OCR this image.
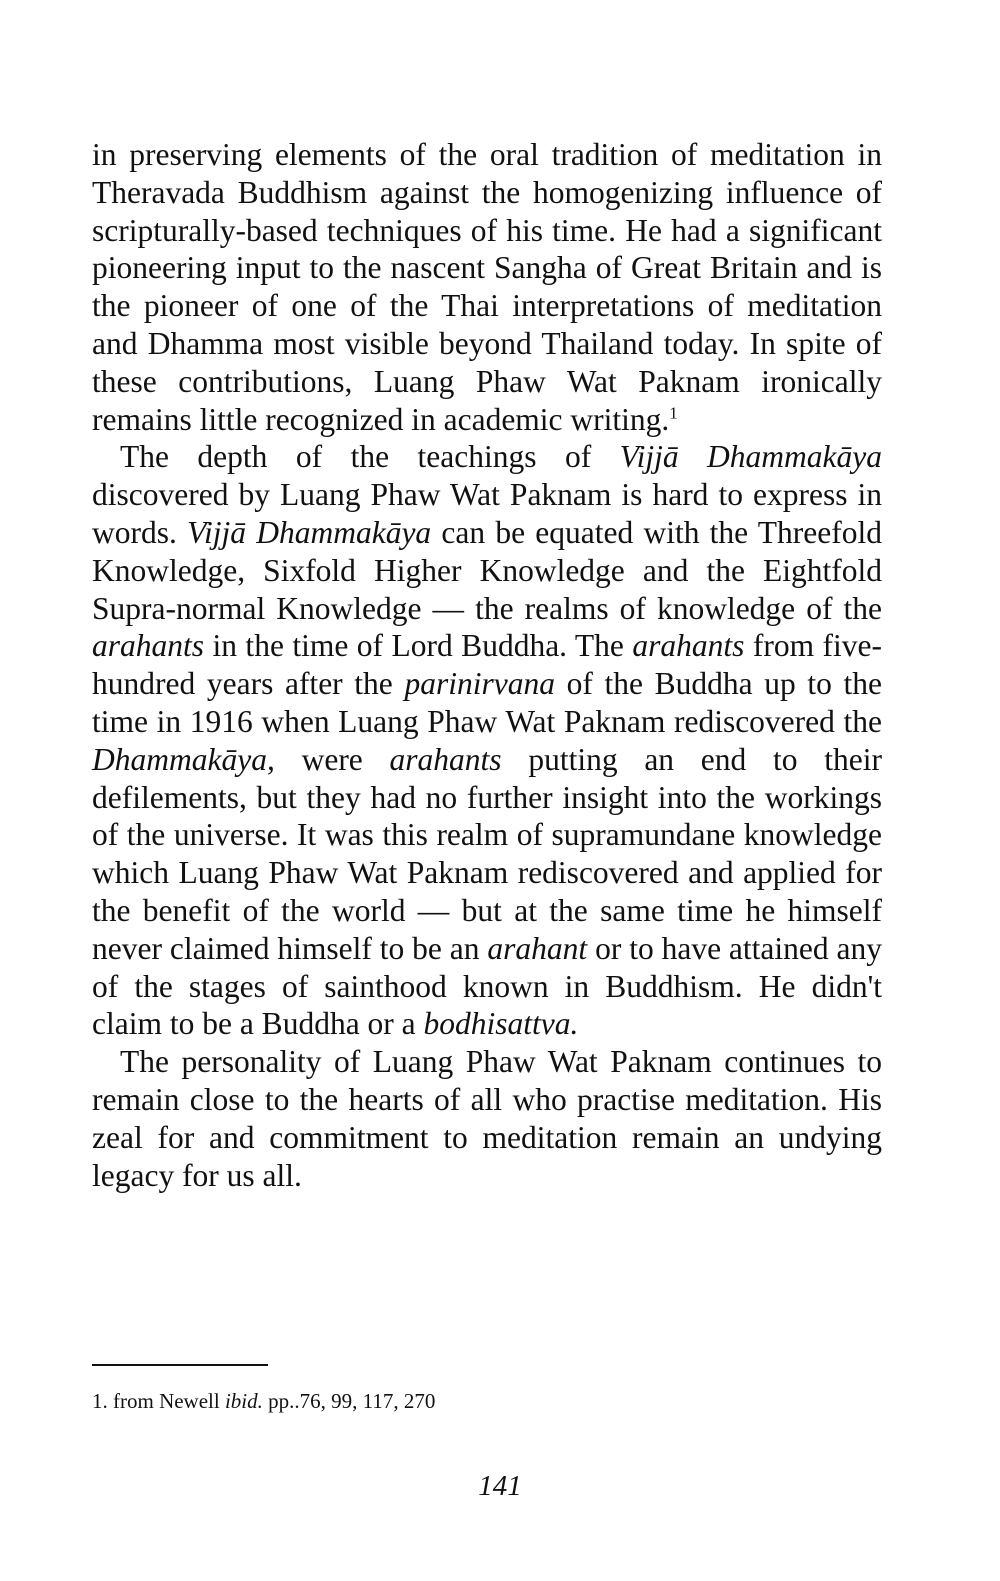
in preserving elements of the oral tradition of meditation in Theravada Buddhism against the homogenizing influence of scripturally-based techniques of his time. He had a significant pioneering input to the nascent Sangha of Great Britain and is the pioneer of one of the Thai interpretations of meditation and Dhamma most visible beyond Thailand today. In spite of these contributions, Luang Phaw Wat Paknam ironically remains little recognized in academic writing.$^1$

The depth of the teachings of Vijjā Dhammakāya discovered by Luang Phaw Wat Paknam is hard to express in words. Vijjā Dhammakāya can be equated with the Threefold Knowledge, Sixfold Higher Knowledge and the Eightfold Supra-normal Knowledge — the realms of knowledge of the arahants in the time of Lord Buddha. The arahants from five-hundred years after the parinirvana of the Buddha up to the time in 1916 when Luang Phaw Wat Paknam rediscovered the Dhammakāya, were arahants putting an end to their defilements, but they had no further insight into the workings of the universe. It was this realm of supramundane knowledge which Luang Phaw Wat Paknam rediscovered and applied for the benefit of the world — but at the same time he himself never claimed himself to be an arahant or to have attained any of the stages of sainthood known in Buddhism. He didn't claim to be a Buddha or a bodhisattva.

The personality of Luang Phaw Wat Paknam continues to remain close to the hearts of all who practise meditation. His zeal for and commitment to meditation remain an undying legacy for us all.

1. from Newell ibid. pp..76, 99, 117, 270
141
